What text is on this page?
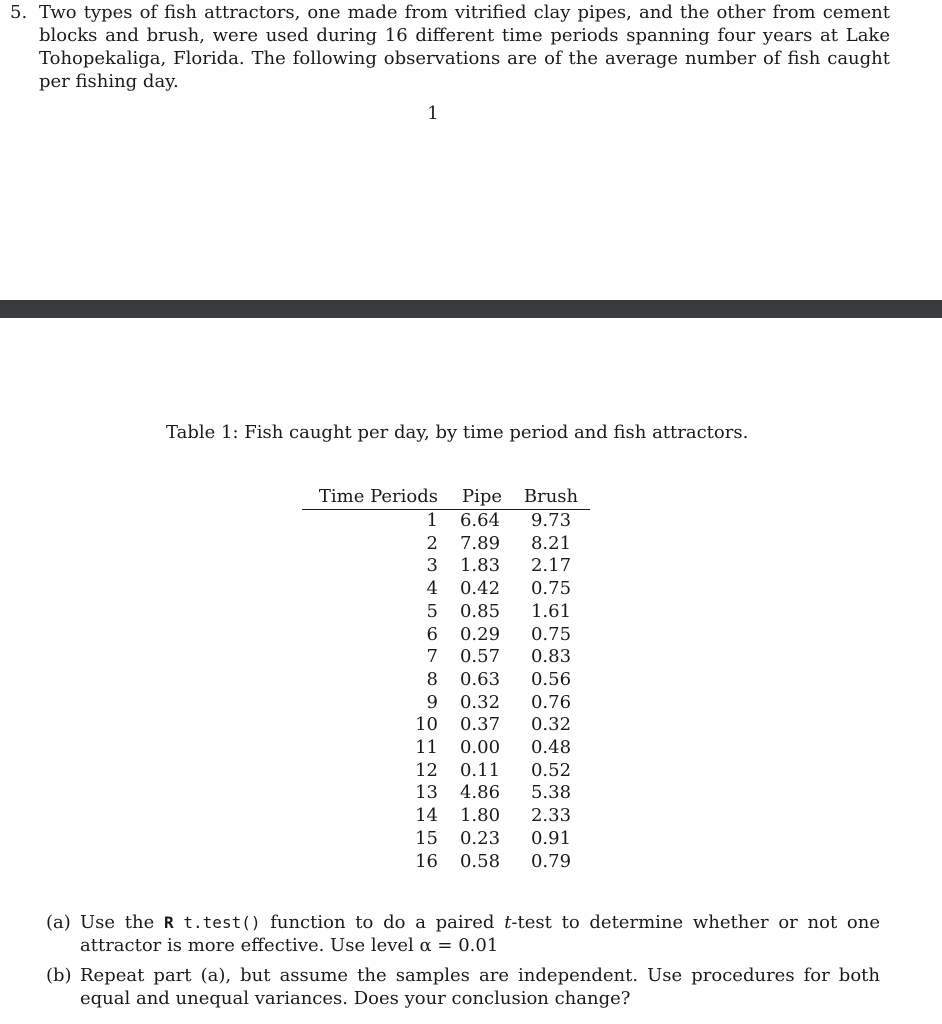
5. Two types of fish attractors, one made from vitrified clay pipes, and the other from cement blocks and brush, were used during 16 different time periods spanning four years at Lake Tohopekaliga, Florida. The following observations are of the average number of fish caught per fishing day.
1
Table 1: Fish caught per day, by time period and fish attractors.
Time Periods	Pipe	Brush
1	6.64	9.73
2	7.89	8.21
3	1.83	2.17
4	0.42	0.75
5	0.85	1.61
6	0.29	0.75
7	0.57	0.83
8	0.63	0.56
9	0.32	0.76
10	0.37	0.32
11	0.00	0.48
12	0.11	0.52
13	4.86	5.38
14	1.80	2.33
15	0.23	0.91
16	0.58	0.79
(a) Use the R t.test() function to do a paired t-test to determine whether or not one attractor is more effective. Use level α = 0.01
(b) Repeat part (a), but assume the samples are independent. Use procedures for both equal and unequal variances. Does your conclusion change?
